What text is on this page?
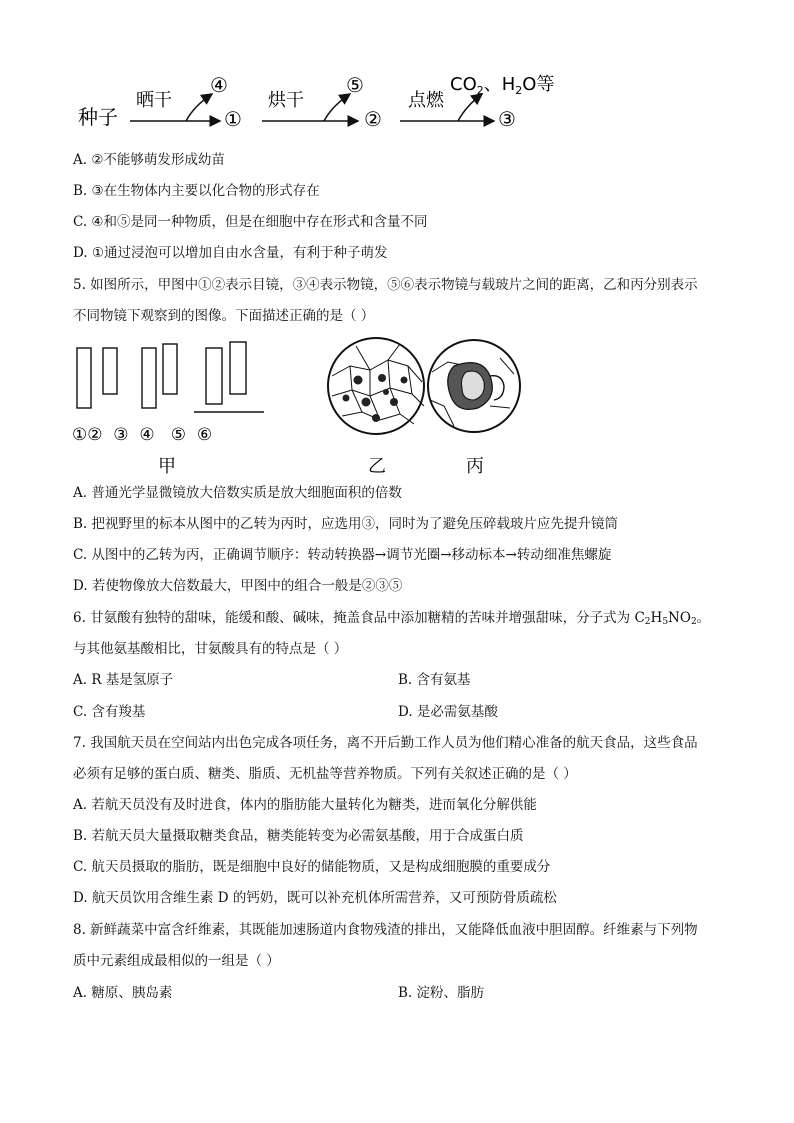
种子
晒干
④
①
烘干
⑤
②
点燃
$CO_2$、$H_2O$等
③
A. ②不能够萌发形成幼苗
B. ③在生物体内主要以化合物的形式存在
C. ④和⑤是同一种物质，但是在细胞中存在形式和含量不同
D. ①通过浸泡可以增加自由水含量，有利于种子萌发
5. 如图所示，甲图中①②表示目镜，③④表示物镜，⑤⑥表示物镜与载玻片之间的距离，乙和丙分别表示
不同物镜下观察到的图像。下面描述正确的是（ ）
①②  ③  ④   ⑤  ⑥
甲	乙	丙
A. 普通光学显微镜放大倍数实质是放大细胞面积的倍数
B. 把视野里的标本从图中的乙转为丙时，应选用③，同时为了避免压碎载玻片应先提升镜筒
C. 从图中的乙转为丙，正确调节顺序：转动转换器→调节光圈→移动标本→转动细准焦螺旋
D. 若使物像放大倍数最大，甲图中的组合一般是②③⑤
6. 甘氨酸有独特的甜味，能缓和酸、碱味，掩盖食品中添加糖精的苦味并增强甜味，分子式为 $C_2H_5NO_2$。
与其他氨基酸相比，甘氨酸具有的特点是（ ）
A. R 基是氢原子	B. 含有氨基
C. 含有羧基	D. 是必需氨基酸
7. 我国航天员在空间站内出色完成各项任务，离不开后勤工作人员为他们精心准备的航天食品，这些食品
必须有足够的蛋白质、糖类、脂质、无机盐等营养物质。下列有关叙述正确的是（ ）
A. 若航天员没有及时进食，体内的脂肪能大量转化为糖类，进而氧化分解供能
B. 若航天员大量摄取糖类食品，糖类能转变为必需氨基酸，用于合成蛋白质
C. 航天员摄取的脂肪，既是细胞中良好的储能物质，又是构成细胞膜的重要成分
D. 航天员饮用含维生素 D 的钙奶，既可以补充机体所需营养，又可预防骨质疏松
8. 新鲜蔬菜中富含纤维素，其既能加速肠道内食物残渣的排出，又能降低血液中胆固醇。纤维素与下列物
质中元素组成最相似的一组是（ ）
A. 糖原、胰岛素	B. 淀粉、脂肪
